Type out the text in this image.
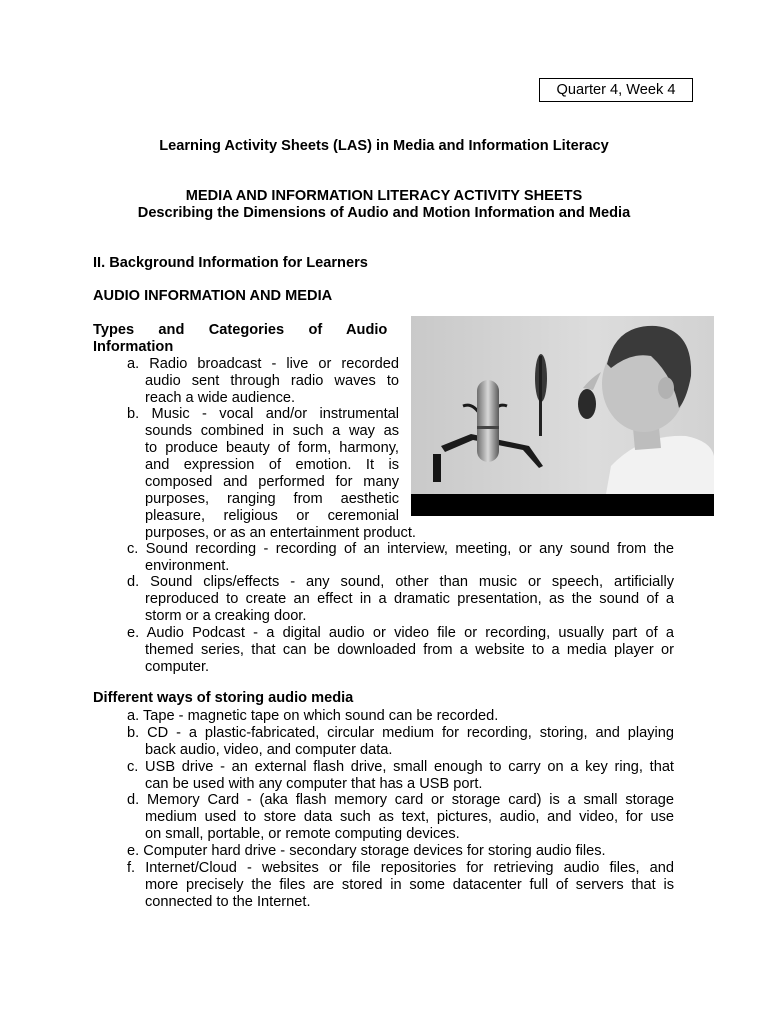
Quarter 4, Week 4
Learning Activity Sheets (LAS) in Media and Information Literacy
MEDIA AND INFORMATION LITERACY ACTIVITY SHEETS
Describing the Dimensions of Audio and Motion Information and Media
II. Background Information for Learners
AUDIO INFORMATION AND MEDIA
Types      and      Categories      of      Audio
Information
a. Radio broadcast - live or recorded
audio sent through radio waves to
reach a wide audience.
b. Music - vocal and/or instrumental
sounds combined in such a way as
to produce beauty of form, harmony,
and expression of emotion. It is
composed and performed for many
purposes, ranging from aesthetic
pleasure, religious or ceremonial
purposes, or as an entertainment product.
c. Sound recording - recording of an interview, meeting, or any sound from the
environment.
d. Sound clips/effects - any sound, other than music or speech, artificially
reproduced to create an effect in a dramatic presentation, as the sound of a
storm or a creaking door.
e. Audio Podcast - a digital audio or video file or recording, usually part of a
themed series, that can be downloaded from a website to a media player or
computer.
Different ways of storing audio media
a. Tape - magnetic tape on which sound can be recorded.
b. CD - a plastic-fabricated, circular medium for recording, storing, and playing
back audio, video, and computer data.
c. USB drive - an external flash drive, small enough to carry on a key ring, that
can be used with any computer that has a USB port.
d. Memory Card - (aka flash memory card or storage card) is a small storage
medium used to store data such as text, pictures, audio, and video, for use
on small, portable, or remote computing devices.
e. Computer hard drive - secondary storage devices for storing audio files.
f. Internet/Cloud - websites or file repositories for retrieving audio files, and
more precisely the files are stored in some datacenter full of servers that is
connected to the Internet.
